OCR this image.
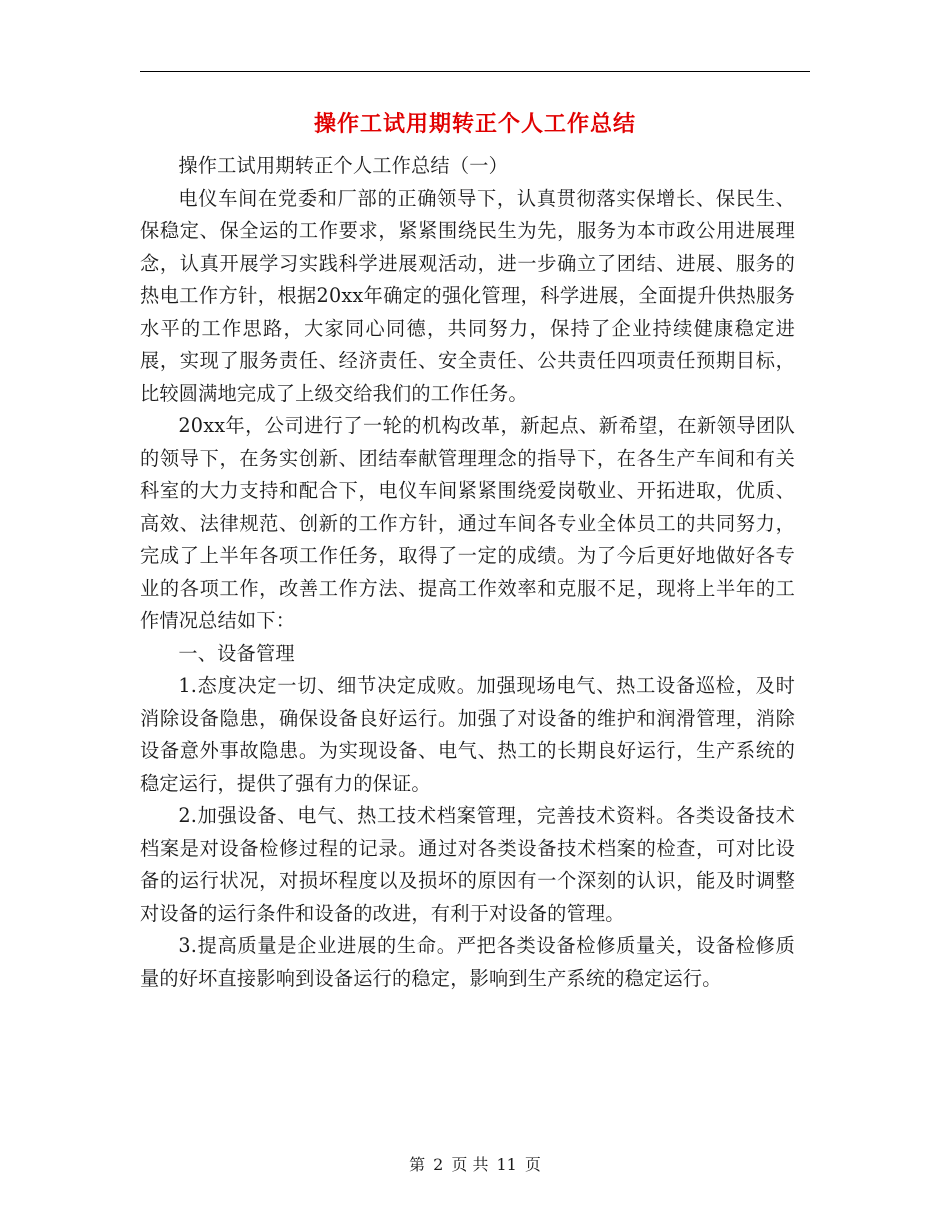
操作工试用期转正个人工作总结

操作工试用期转正个人工作总结（一）

电仪车间在党委和厂部的正确领导下，认真贯彻落实保增长、保民生、保稳定、保全运的工作要求，紧紧围绕民生为先，服务为本市政公用进展理念，认真开展学习实践科学进展观活动，进一步确立了团结、进展、服务的热电工作方针，根据20xx年确定的强化管理，科学进展，全面提升供热服务水平的工作思路，大家同心同德，共同努力，保持了企业持续健康稳定进展，实现了服务责任、经济责任、安全责任、公共责任四项责任预期目标，比较圆满地完成了上级交给我们的工作任务。

20xx年，公司进行了一轮的机构改革，新起点、新希望，在新领导团队的领导下，在务实创新、团结奉献管理理念的指导下，在各生产车间和有关科室的大力支持和配合下，电仪车间紧紧围绕爱岗敬业、开拓进取，优质、高效、法律规范、创新的工作方针，通过车间各专业全体员工的共同努力，完成了上半年各项工作任务，取得了一定的成绩。为了今后更好地做好各专业的各项工作，改善工作方法、提高工作效率和克服不足，现将上半年的工作情况总结如下：

一、设备管理

1.态度决定一切、细节决定成败。加强现场电气、热工设备巡检，及时消除设备隐患，确保设备良好运行。加强了对设备的维护和润滑管理，消除设备意外事故隐患。为实现设备、电气、热工的长期良好运行，生产系统的稳定运行，提供了强有力的保证。

2.加强设备、电气、热工技术档案管理，完善技术资料。各类设备技术档案是对设备检修过程的记录。通过对各类设备技术档案的检查，可对比设备的运行状况，对损坏程度以及损坏的原因有一个深刻的认识，能及时调整对设备的运行条件和设备的改进，有利于对设备的管理。

3.提高质量是企业进展的生命。严把各类设备检修质量关，设备检修质量的好坏直接影响到设备运行的稳定，影响到生产系统的稳定运行。

第 2 页 共 11 页
